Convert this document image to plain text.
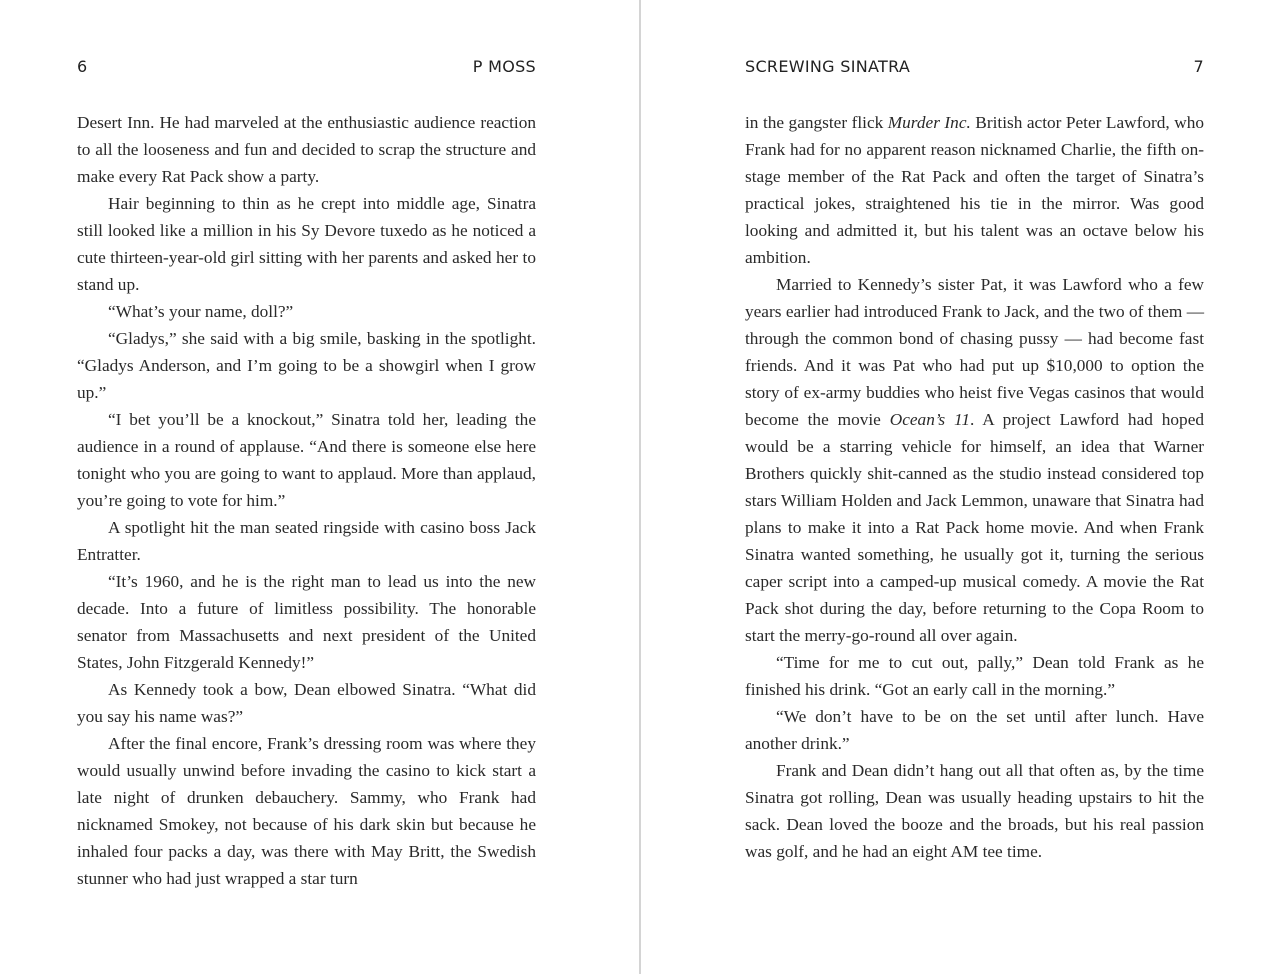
6	P MOSS

Desert Inn. He had marveled at the enthusiastic audience reaction to all the looseness and fun and decided to scrap the structure and make every Rat Pack show a party.

Hair beginning to thin as he crept into middle age, Sinatra still looked like a million in his Sy Devore tuxedo as he noticed a cute thirteen-year-old girl sitting with her parents and asked her to stand up.

“What’s your name, doll?”

“Gladys,” she said with a big smile, basking in the spotlight. “Gladys Anderson, and I’m going to be a showgirl when I grow up.”

“I bet you’ll be a knockout,” Sinatra told her, leading the audience in a round of applause. “And there is someone else here tonight who you are going to want to applaud. More than applaud, you’re going to vote for him.”

A spotlight hit the man seated ringside with casino boss Jack Entratter.

“It’s 1960, and he is the right man to lead us into the new decade. Into a future of limitless possibility. The honorable senator from Massachusetts and next president of the United States, John Fitzgerald Kennedy!”

As Kennedy took a bow, Dean elbowed Sinatra. “What did you say his name was?”

After the final encore, Frank’s dressing room was where they would usually unwind before invading the casino to kick start a late night of drunken debauchery. Sammy, who Frank had nicknamed Smokey, not because of his dark skin but because he inhaled four packs a day, was there with May Britt, the Swedish stunner who had just wrapped a star turn

SCREWING SINATRA	7

in the gangster flick Murder Inc. British actor Peter Lawford, who Frank had for no apparent reason nicknamed Charlie, the fifth on-stage member of the Rat Pack and often the target of Sinatra’s practical jokes, straightened his tie in the mirror. Was good looking and admitted it, but his talent was an octave below his ambition.

Married to Kennedy’s sister Pat, it was Lawford who a few years earlier had introduced Frank to Jack, and the two of them — through the common bond of chasing pussy — had become fast friends. And it was Pat who had put up $10,000 to option the story of ex-army buddies who heist five Vegas casinos that would become the movie Ocean’s 11. A project Lawford had hoped would be a starring vehicle for himself, an idea that Warner Brothers quickly shit-canned as the studio instead considered top stars William Holden and Jack Lemmon, unaware that Sinatra had plans to make it into a Rat Pack home movie. And when Frank Sinatra wanted something, he usually got it, turning the serious caper script into a camped-up musical comedy. A movie the Rat Pack shot during the day, before returning to the Copa Room to start the merry-go-round all over again.

“Time for me to cut out, pally,” Dean told Frank as he finished his drink. “Got an early call in the morning.”

“We don’t have to be on the set until after lunch. Have another drink.”

Frank and Dean didn’t hang out all that often as, by the time Sinatra got rolling, Dean was usually heading upstairs to hit the sack. Dean loved the booze and the broads, but his real passion was golf, and he had an eight AM tee time.
